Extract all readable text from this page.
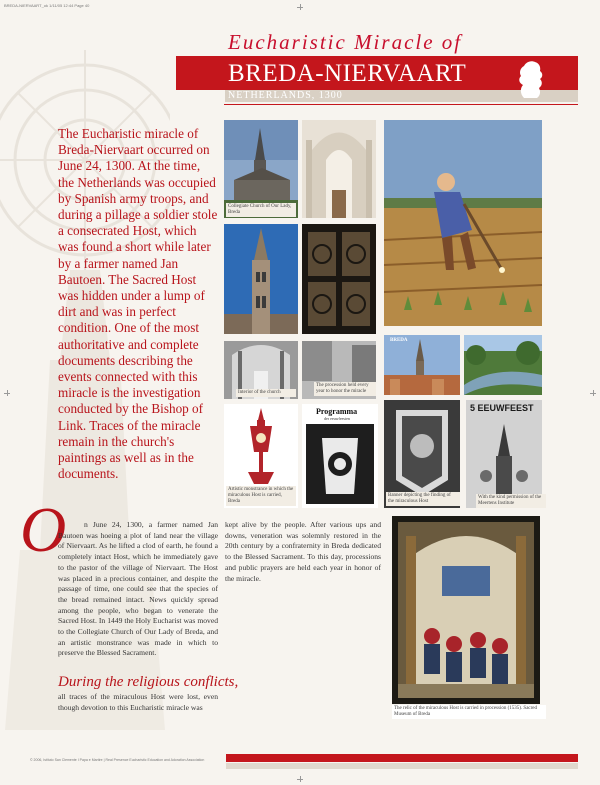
BREDA-NIERVAART_ok 1/11/05 12:44 Page 40
Eucharistic Miracle of
BREDA-NIERVAART
NETHERLANDS, 1300
The Eucharistic miracle of Breda-Niervaart occurred on June 24, 1300. At the time, the Netherlands was occupied by Spanish army troops, and during a pillage a soldier stole a consecrated Host, which was found a short while later by a farmer named Jan Bautoen. The Sacred Host was hidden under a lump of dirt and was in perfect condition. One of the most authoritative and complete documents describing the events connected with this miracle is the investigation conducted by the Bishop of Link. Traces of the miracle remain in the church's paintings as well as in the documents.
Collegiate Church of Our Lady, Breda
Interior of the church
The procession held every year to honor the miracle
BREDA
Artistic monstrance in which the miraculous Host is carried, Breda
Programma
der eeuwfeesten
Banner depicting the finding of the miraculous Host
5 EEUWFEEST
With the kind permission of the Meertens Institute
O	n June 24, 1300, a farmer named Jan Bautoen was hoeing a plot of land near the village of Niervaart. As he lifted a clod of earth, he found a completely intact Host, which he immediately gave to the pastor of the village of Niervaart. The Host was placed in a precious container, and despite the passage of time, one could see that the species of the bread remained intact. News quickly spread among the people, who began to venerate the Sacred Host. In 1449 the Holy Eucharist was moved to the Collegiate Church of Our Lady of Breda, and an artistic monstrance was made in which to preserve the Blessed Sacrament.
During the religious conflicts,
all traces of the miraculous Host were lost, even though devotion to this Eucharistic miracle was
kept alive by the people. After various ups and downs, veneration was solemnly restored in the 20th century by a confraternity in Breda dedicated to the Blessed Sacrament. To this day, processions and public prayers are held each year in honor of the miracle.
The relic of the miraculous Host is carried in procession (1535). Sacred Museum of Breda
© 2006, Istituto San Clemente I Papa e Martire | Real Presence Eucharistic Education and Adoration Association
